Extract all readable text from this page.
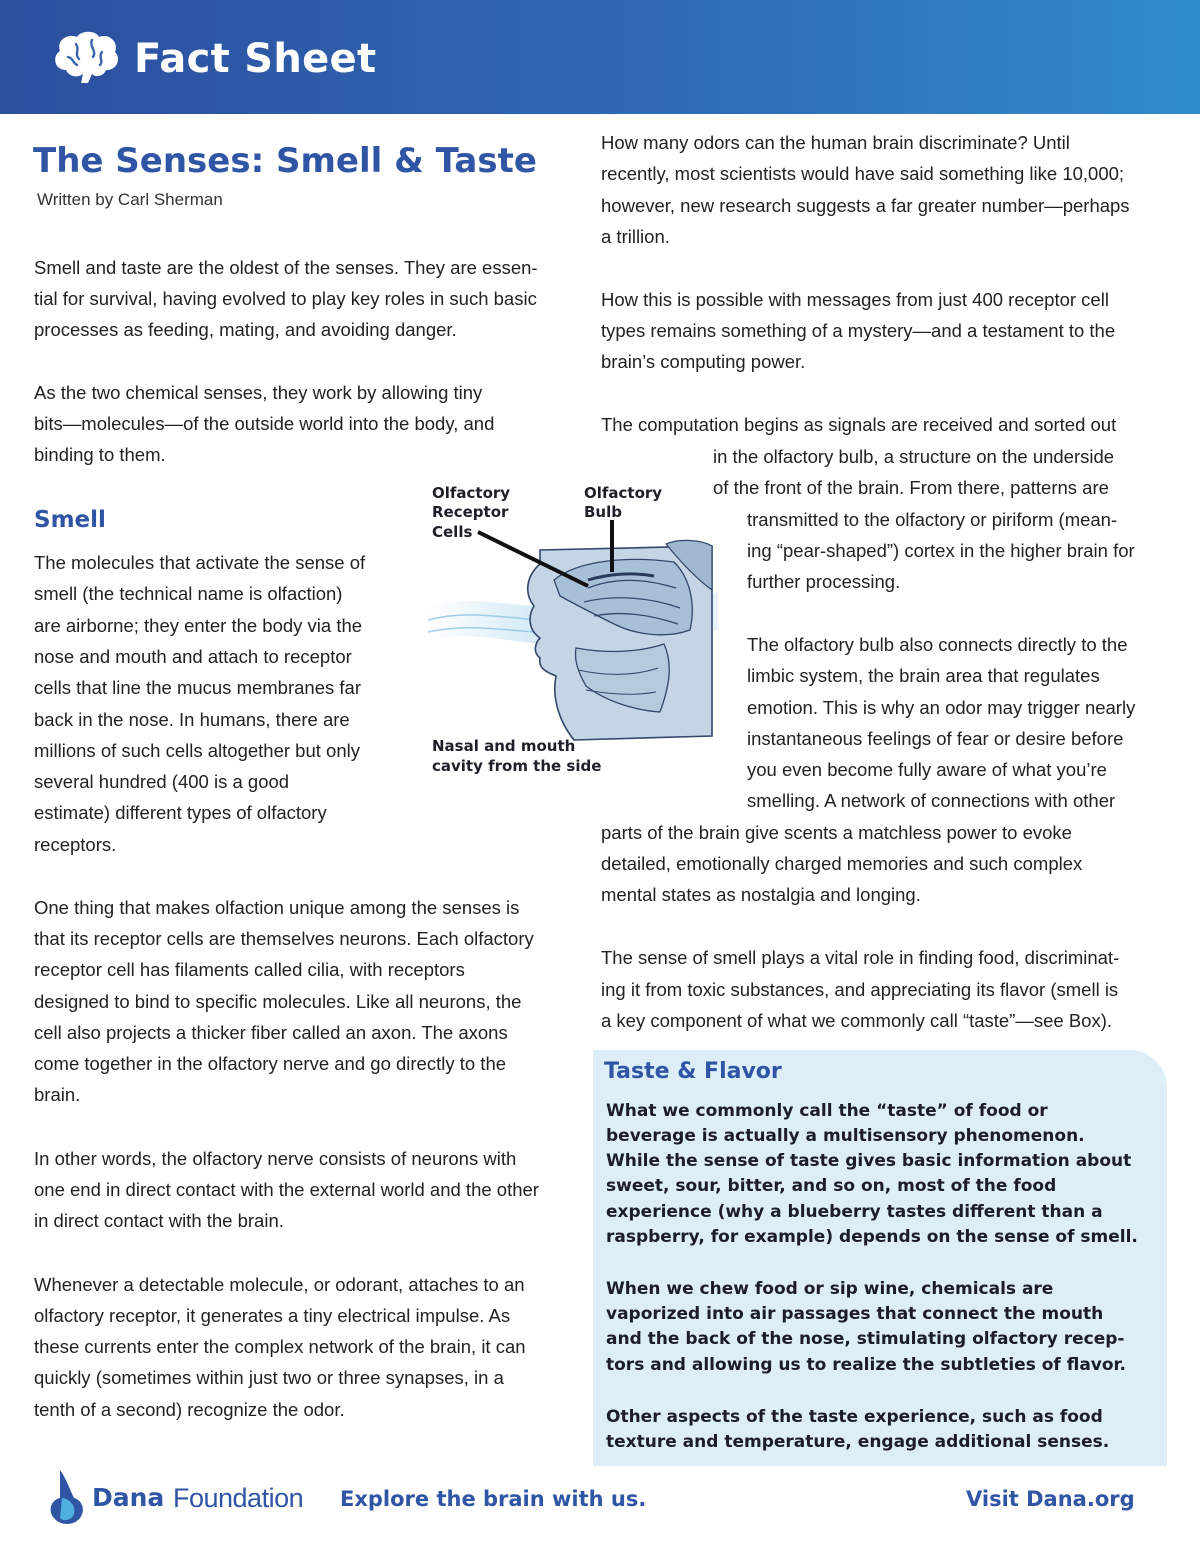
Fact Sheet
The Senses: Smell & Taste
Written by Carl Sherman
Smell and taste are the oldest of the senses. They are essen-
tial for survival, having evolved to play key roles in such basic
processes as feeding, mating, and avoiding danger.
As the two chemical senses, they work by allowing tiny
bits—molecules—of the outside world into the body, and
binding to them.
Smell
The molecules that activate the sense of
smell (the technical name is olfaction)
are airborne; they enter the body via the
nose and mouth and attach to receptor
cells that line the mucus membranes far
back in the nose. In humans, there are
millions of such cells altogether but only
several hundred (400 is a good
estimate) different types of olfactory
receptors.
One thing that makes olfaction unique among the senses is
that its receptor cells are themselves neurons. Each olfactory
receptor cell has filaments called cilia, with receptors
designed to bind to specific molecules. Like all neurons, the
cell also projects a thicker fiber called an axon. The axons
come together in the olfactory nerve and go directly to the
brain.
In other words, the olfactory nerve consists of neurons with
one end in direct contact with the external world and the other
in direct contact with the brain.
Whenever a detectable molecule, or odorant, attaches to an
olfactory receptor, it generates a tiny electrical impulse. As
these currents enter the complex network of the brain, it can
quickly (sometimes within just two or three synapses, in a
tenth of a second) recognize the odor.
Olfactory
Receptor
Cells
Olfactory
Bulb
Nasal and mouth
cavity from the side
How many odors can the human brain discriminate? Until
recently, most scientists would have said something like 10,000;
however, new research suggests a far greater number—perhaps
a trillion.
How this is possible with messages from just 400 receptor cell
types remains something of a mystery—and a testament to the
brain’s computing power.
The computation begins as signals are received and sorted out
in the olfactory bulb, a structure on the underside
of the front of the brain. From there, patterns are
transmitted to the olfactory or piriform (mean-
ing “pear-shaped”) cortex in the higher brain for
further processing.
The olfactory bulb also connects directly to the
limbic system, the brain area that regulates
emotion. This is why an odor may trigger nearly
instantaneous feelings of fear or desire before
you even become fully aware of what you’re
smelling. A network of connections with other
parts of the brain give scents a matchless power to evoke
detailed, emotionally charged memories and such complex
mental states as nostalgia and longing.
The sense of smell plays a vital role in finding food, discriminat-
ing it from toxic substances, and appreciating its flavor (smell is
a key component of what we commonly call “taste”—see Box).
Taste & Flavor
What we commonly call the “taste” of food or
beverage is actually a multisensory phenomenon.
While the sense of taste gives basic information about
sweet, sour, bitter, and so on, most of the food
experience (why a blueberry tastes different than a
raspberry, for example) depends on the sense of smell.
When we chew food or sip wine, chemicals are
vaporized into air passages that connect the mouth
and the back of the nose, stimulating olfactory recep-
tors and allowing us to realize the subtleties of flavor.
Other aspects of the taste experience, such as food
texture and temperature, engage additional senses.
Dana Foundation Explore the brain with us.	Visit Dana.org
